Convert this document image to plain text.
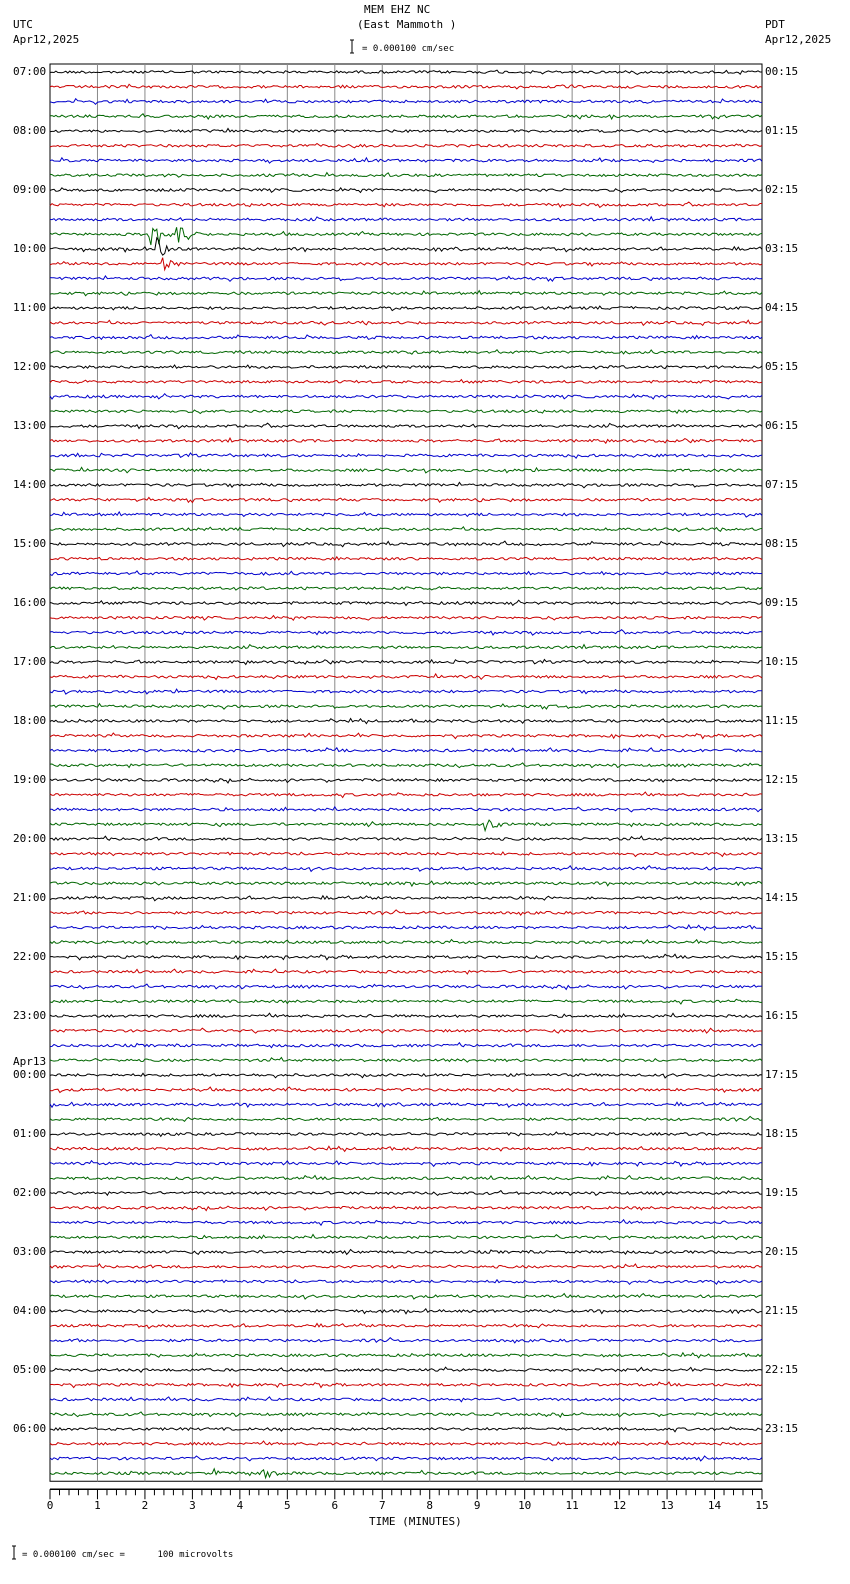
MEM EHZ NC
(East Mammoth )
UTC
Apr12,2025
PDT
Apr12,2025
= 0.000100 cm/sec
= 0.000100 cm/sec =      100 microvolts
TIME (MINUTES)
07:00
08:00
09:00
10:00
11:00
12:00
13:00
14:00
15:00
16:00
17:00
18:00
19:00
20:00
21:00
22:00
23:00
Apr13
00:00
01:00
02:00
03:00
04:00
05:00
06:00
00:15
01:15
02:15
03:15
04:15
05:15
06:15
07:15
08:15
09:15
10:15
11:15
12:15
13:15
14:15
15:15
16:15
17:15
18:15
19:15
20:15
21:15
22:15
23:15
0	1	2	3	4	5	6	7	8	9	10	11	12	13	14	15
